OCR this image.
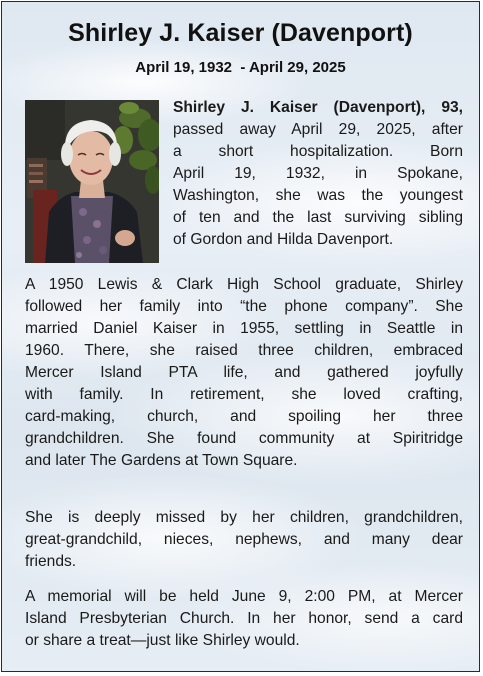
Shirley J. Kaiser (Davenport)
April 19, 1932  - April 29, 2025
Shirley J. Kaiser (Davenport), 93,
passed away April 29, 2025, after
a short hospitalization. Born
April 19, 1932, in Spokane,
Washington, she was the youngest
of ten and the last surviving sibling
of Gordon and Hilda Davenport.
A 1950 Lewis & Clark High School graduate, Shirley
followed her family into “the phone company”. She
married Daniel Kaiser in 1955, settling in Seattle in
1960. There, she raised three children, embraced
Mercer Island PTA life, and gathered joyfully
with family. In retirement, she loved crafting,
card-making, church, and spoiling her three
grandchildren. She found community at Spiritridge
and later The Gardens at Town Square.
She is deeply missed by her children, grandchildren,
great-grandchild, nieces, nephews, and many dear
friends.
A memorial will be held June 9, 2:00 PM, at Mercer
Island Presbyterian Church. In her honor, send a card
or share a treat—just like Shirley would.
